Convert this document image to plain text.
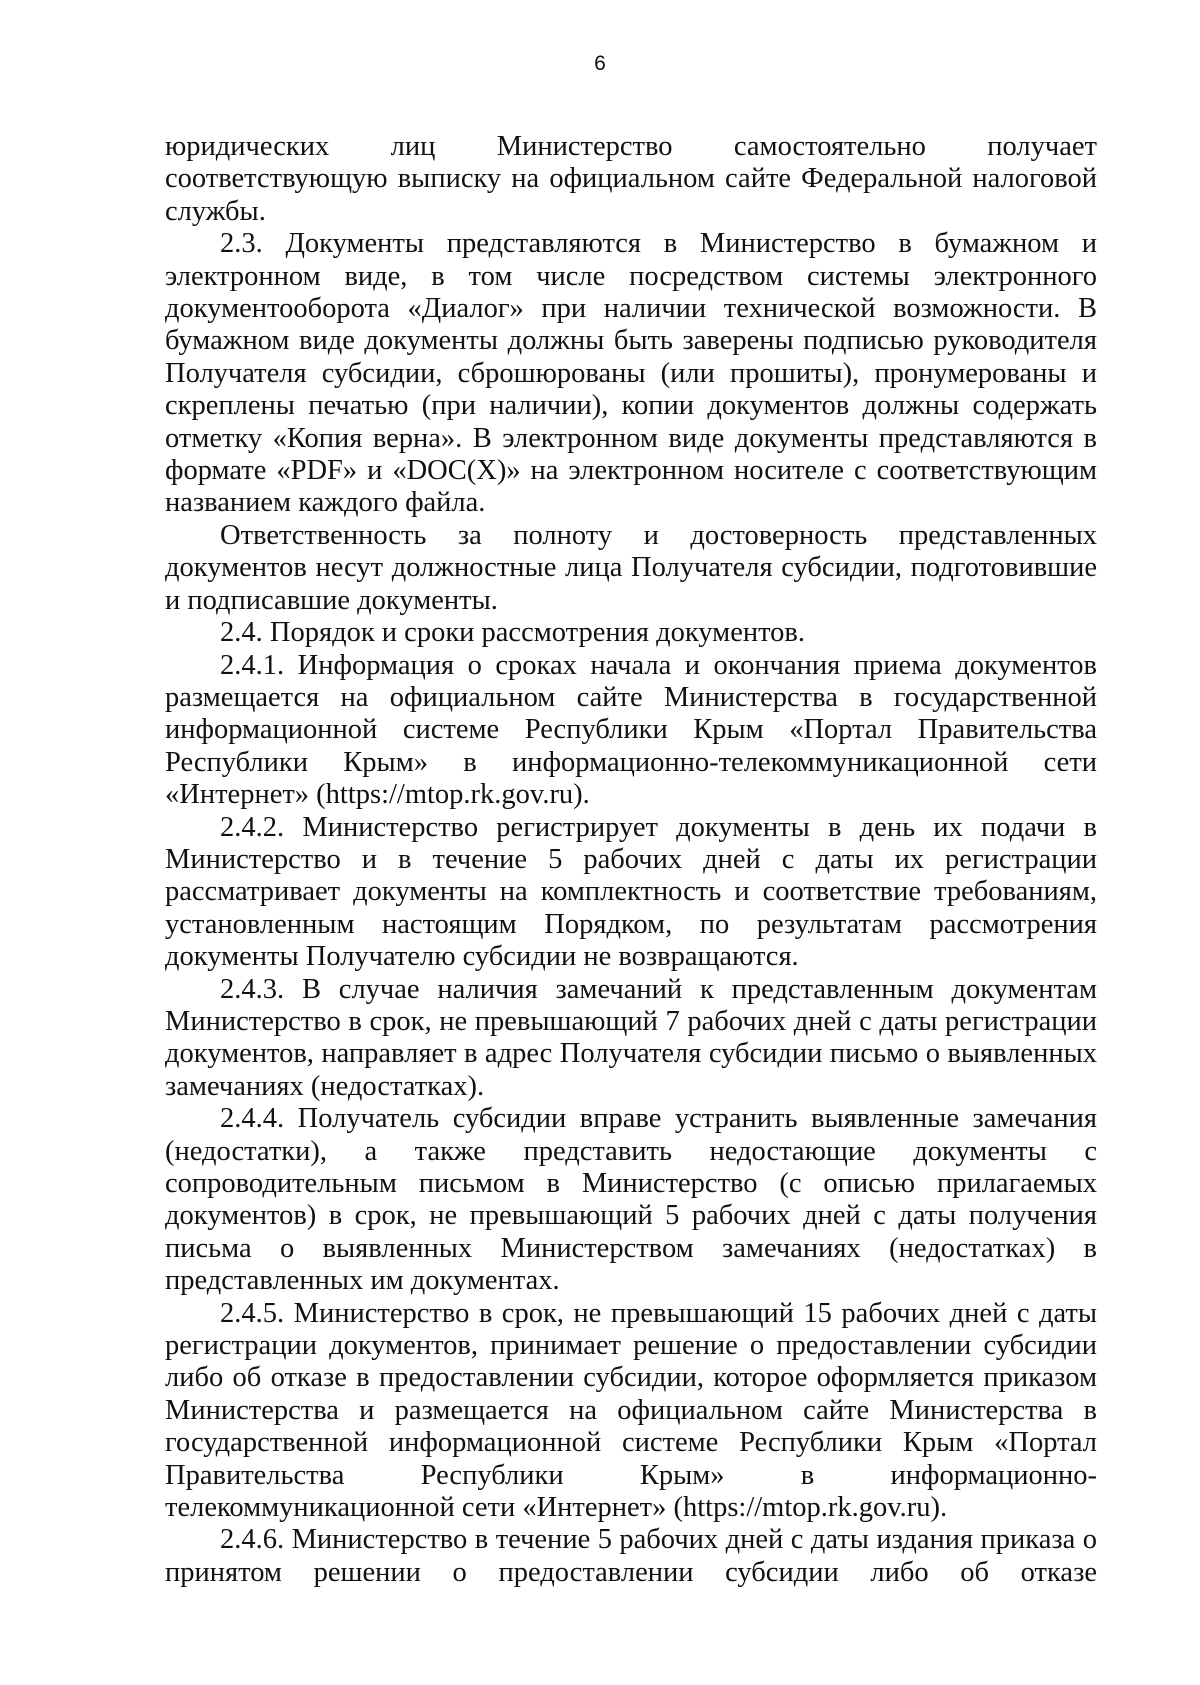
6

юридических лиц Министерство самостоятельно получает соответствующую выписку на официальном сайте Федеральной налоговой службы.

2.3. Документы представляются в Министерство в бумажном и электронном виде, в том числе посредством системы электронного документооборота «Диалог» при наличии технической возможности. В бумажном виде документы должны быть заверены подписью руководителя Получателя субсидии, сброшюрованы (или прошиты), пронумерованы и скреплены печатью (при наличии), копии документов должны содержать отметку «Копия верна». В электронном виде документы представляются в формате «PDF» и «DOC(X)» на электронном носителе с соответствующим названием каждого файла.

Ответственность за полноту и достоверность представленных документов несут должностные лица Получателя субсидии, подготовившие и подписавшие документы.

2.4. Порядок и сроки рассмотрения документов.

2.4.1. Информация о сроках начала и окончания приема документов размещается на официальном сайте Министерства в государственной информационной системе Республики Крым «Портал Правительства Республики Крым» в информационно-телекоммуникационной сети «Интернет» (https://mtop.rk.gov.ru).

2.4.2. Министерство регистрирует документы в день их подачи в Министерство и в течение 5 рабочих дней с даты их регистрации рассматривает документы на комплектность и соответствие требованиям, установленным настоящим Порядком, по результатам рассмотрения документы Получателю субсидии не возвращаются.

2.4.3. В случае наличия замечаний к представленным документам Министерство в срок, не превышающий 7 рабочих дней с даты регистрации документов, направляет в адрес Получателя субсидии письмо о выявленных замечаниях (недостатках).

2.4.4. Получатель субсидии вправе устранить выявленные замечания (недостатки), а также представить недостающие документы с сопроводительным письмом в Министерство (с описью прилагаемых документов) в срок, не превышающий 5 рабочих дней с даты получения письма о выявленных Министерством замечаниях (недостатках) в представленных им документах.

2.4.5. Министерство в срок, не превышающий 15 рабочих дней с даты регистрации документов, принимает решение о предоставлении субсидии либо об отказе в предоставлении субсидии, которое оформляется приказом Министерства и размещается на официальном сайте Министерства в государственной информационной системе Республики Крым «Портал Правительства Республики Крым» в информационно-телекоммуникационной сети «Интернет» (https://mtop.rk.gov.ru).

2.4.6. Министерство в течение 5 рабочих дней с даты издания приказа о принятом решении о предоставлении субсидии либо об отказе
